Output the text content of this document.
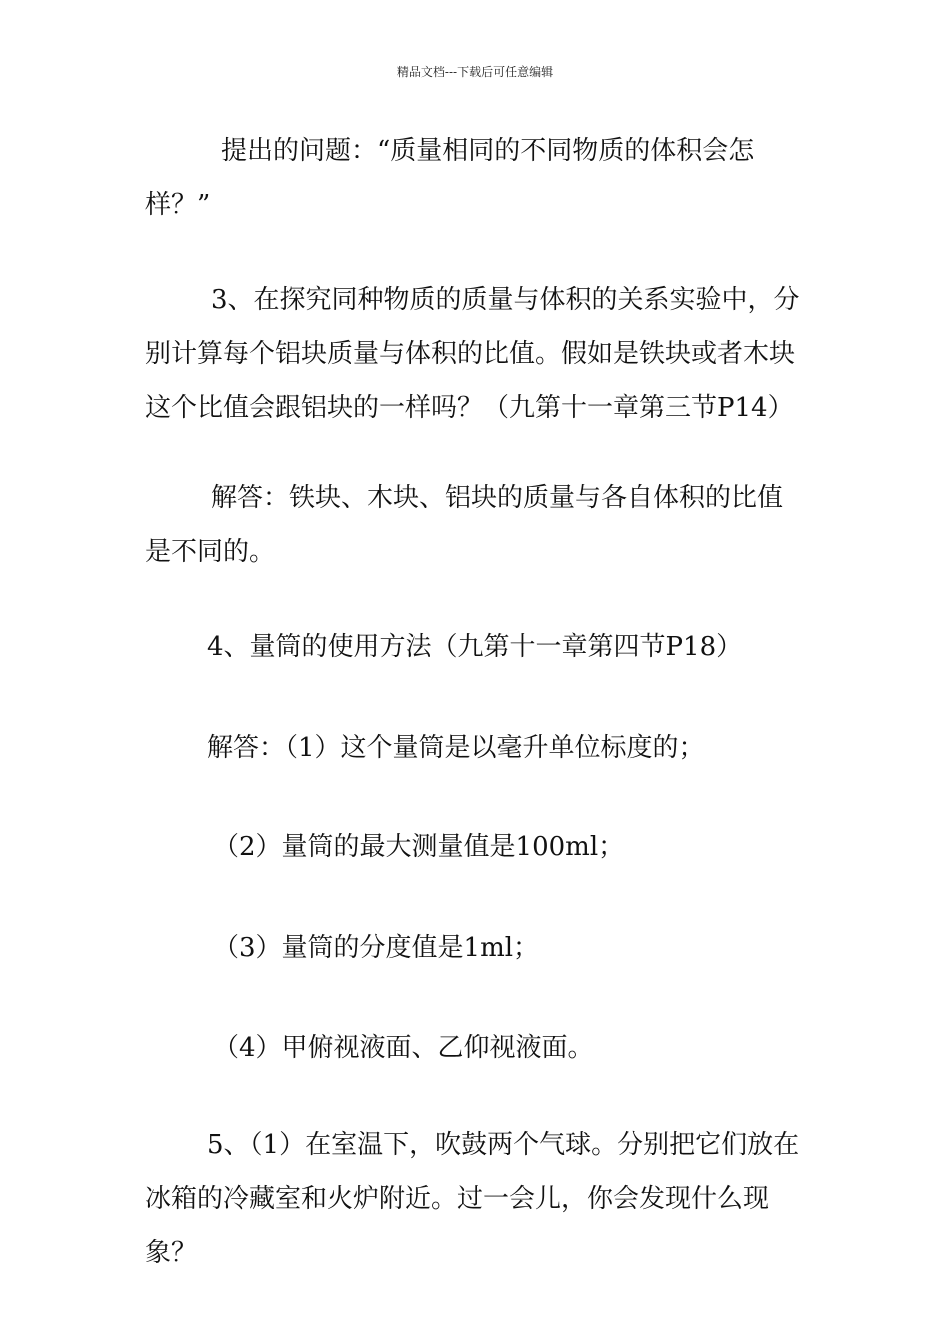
精品文档---下载后可任意编辑

提出的问题：“质量相同的不同物质的体积会怎样？”

3、在探究同种物质的质量与体积的关系实验中，分别计算每个铝块质量与体积的比值。假如是铁块或者木块这个比值会跟铝块的一样吗？（九第十一章第三节P14）

解答：铁块、木块、铝块的质量与各自体积的比值是不同的。

4、量筒的使用方法（九第十一章第四节P18）
解答：（1）这个量筒是以毫升单位标度的；
（2）量筒的最大测量值是100ml；
（3）量筒的分度值是1ml；
（4）甲俯视液面、乙仰视液面。

5、（1）在室温下，吹鼓两个气球。分别把它们放在冰箱的冷藏室和火炉附近。过一会儿，你会发现什么现象？
